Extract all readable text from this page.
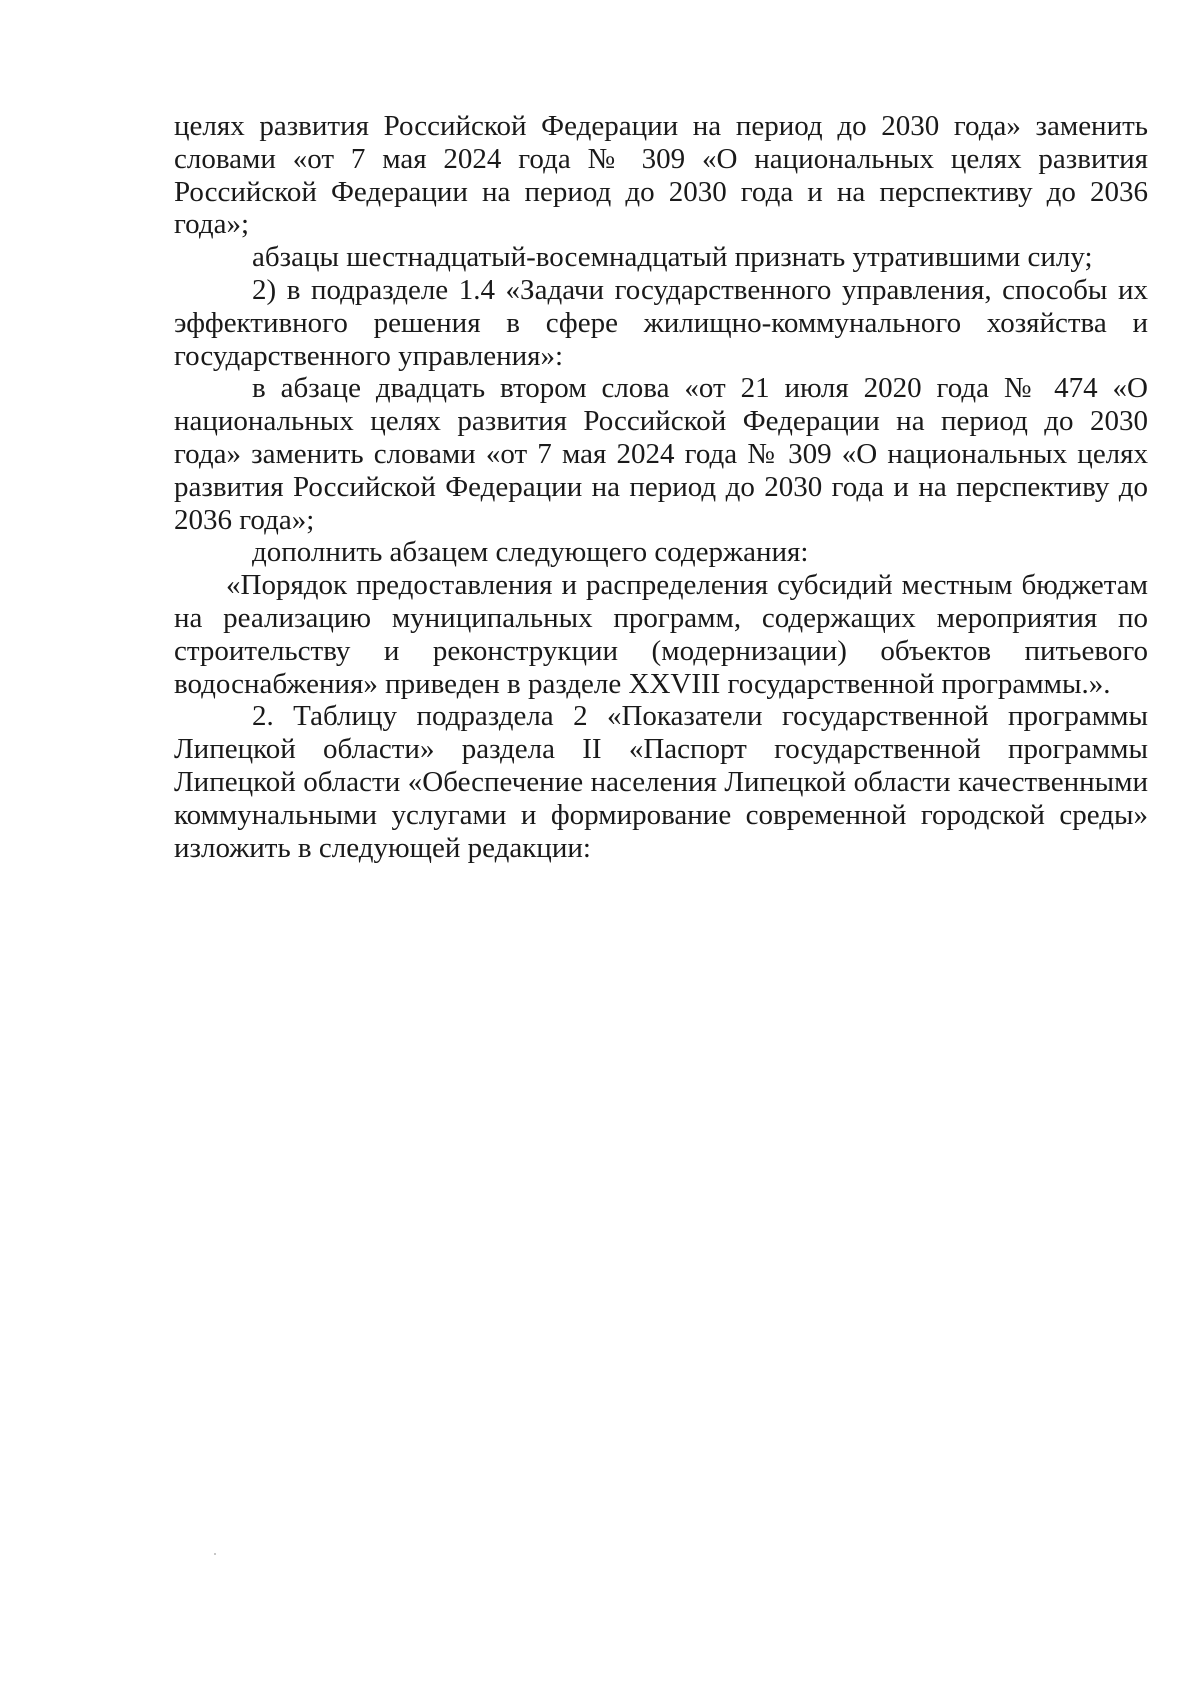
целях развития Российской Федерации на период до 2030 года» заменить словами «от 7 мая 2024 года № 309 «О национальных целях развития Российской Федерации на период до 2030 года и на перспективу до 2036 года»;

абзацы шестнадцатый-восемнадцатый признать утратившими силу;

2) в подразделе 1.4 «Задачи государственного управления, способы их эффективного решения в сфере жилищно-коммунального хозяйства и государственного управления»:

в абзаце двадцать втором слова «от 21 июля 2020 года № 474 «О национальных целях развития Российской Федерации на период до 2030 года» заменить словами «от 7 мая 2024 года № 309 «О национальных целях развития Российской Федерации на период до 2030 года и на перспективу до 2036 года»;

дополнить абзацем следующего содержания:

«Порядок предоставления и распределения субсидий местным бюджетам на реализацию муниципальных программ, содержащих мероприятия по строительству и реконструкции (модернизации) объектов питьевого водоснабжения» приведен в разделе XXVIII государственной программы.».

2. Таблицу подраздела 2 «Показатели государственной программы Липецкой области» раздела II «Паспорт государственной программы Липецкой области «Обеспечение населения Липецкой области качественными коммунальными услугами и формирование современной городской среды» изложить в следующей редакции:
